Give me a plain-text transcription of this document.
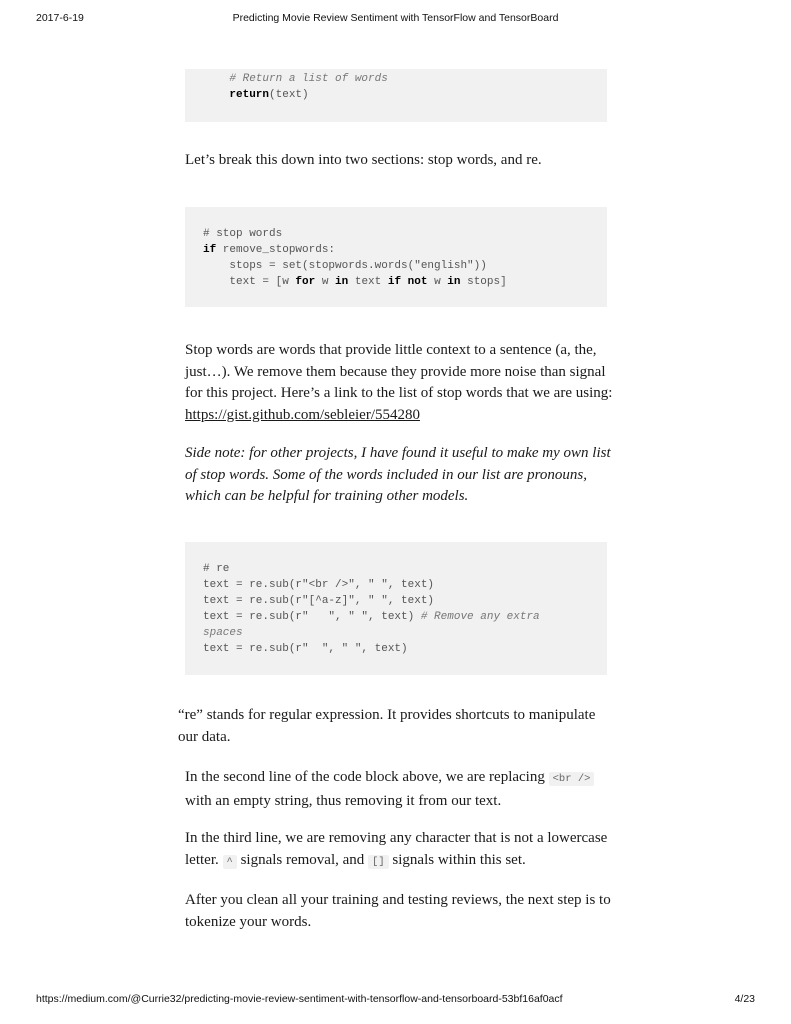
2017-6-19	Predicting Movie Review Sentiment with TensorFlow and TensorBoard
# Return a list of words
return(text)

Let’s break this down into two sections: stop words, and re.

# stop words
if remove_stopwords:
stops = set(stopwords.words("english"))
text = [w for w in text if not w in stops]

Stop words are words that provide little context to a sentence (a, the, just…). We remove them because they provide more noise than signal for this project. Here’s a link to the list of stop words that we are using: https://gist.github.com/sebleier/554280

Side note: for other projects, I have found it useful to make my own list of stop words. Some of the words included in our list are pronouns, which can be helpful for training other models.

# re
text = re.sub(r"<br />", " ", text)
text = re.sub(r"[^a-z]", " ", text)
text = re.sub(r"   ", " ", text) # Remove any extra
spaces
text = re.sub(r"  ", " ", text)

“re” stands for regular expression. It provides shortcuts to manipulate our data.

In the second line of the code block above, we are replacing <br /> with an empty string, thus removing it from our text.

In the third line, we are removing any character that is not a lowercase letter. ^ signals removal, and [] signals within this set.

After you clean all your training and testing reviews, the next step is to tokenize your words.

https://medium.com/@Currie32/predicting-movie-review-sentiment-with-tensorflow-and-tensorboard-53bf16af0acf	4/23
